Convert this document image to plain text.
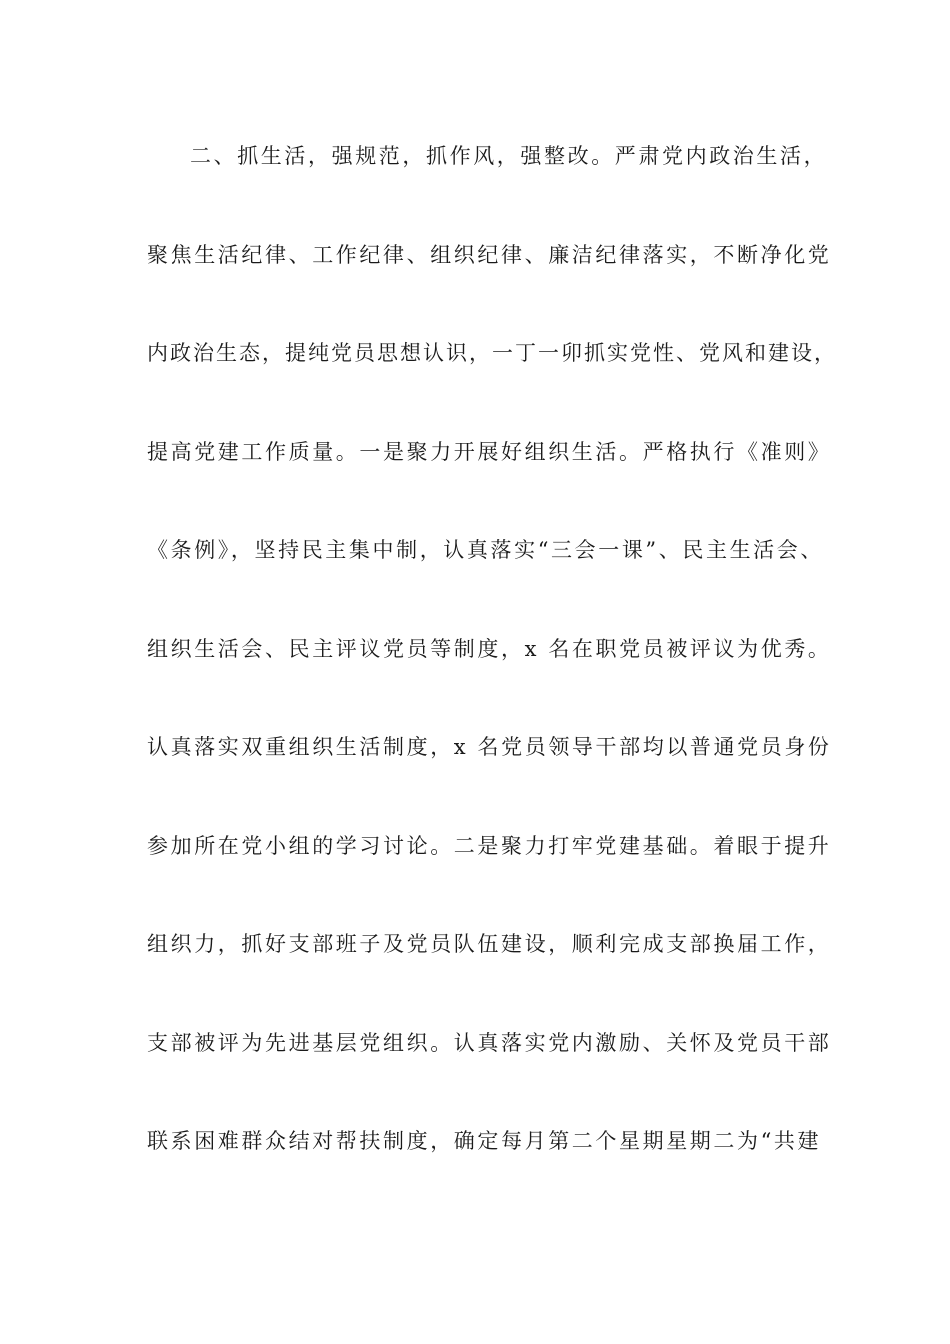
二、抓生活，强规范，抓作风，强整改。严肃党内政治生活，
聚焦生活纪律、工作纪律、组织纪律、廉洁纪律落实，不断净化党
内政治生态，提纯党员思想认识，一丁一卯抓实党性、党风和建设，
提高党建工作质量。一是聚力开展好组织生活。严格执行《准则》
《条例》，坚持民主集中制，认真落实“三会一课”、民主生活会、
组织生活会、民主评议党员等制度，x 名在职党员被评议为优秀。
认真落实双重组织生活制度，x 名党员领导干部均以普通党员身份
参加所在党小组的学习讨论。二是聚力打牢党建基础。着眼于提升
组织力，抓好支部班子及党员队伍建设，顺利完成支部换届工作，
支部被评为先进基层党组织。认真落实党内激励、关怀及党员干部
联系困难群众结对帮扶制度，确定每月第二个星期星期二为“共建
